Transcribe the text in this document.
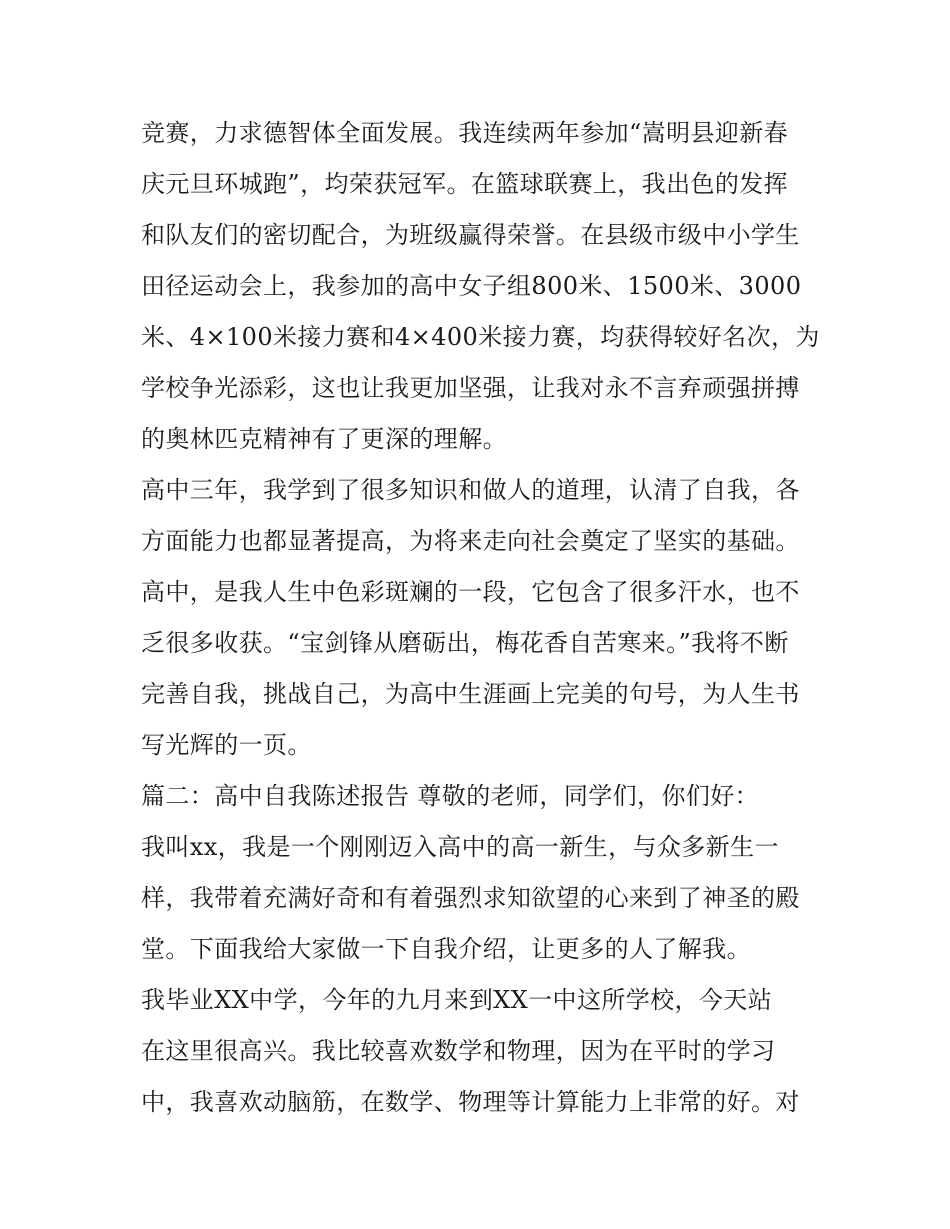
竞赛，力求德智体全面发展。我连续两年参加“嵩明县迎新春
庆元旦环城跑”，均荣获冠军。在篮球联赛上，我出色的发挥
和队友们的密切配合，为班级赢得荣誉。在县级市级中小学生
田径运动会上，我参加的高中女子组800米、1500米、3000
米、4×100米接力赛和4×400米接力赛，均获得较好名次，为
学校争光添彩，这也让我更加坚强，让我对永不言弃顽强拼搏
的奥林匹克精神有了更深的理解。
高中三年，我学到了很多知识和做人的道理，认清了自我，各
方面能力也都显著提高，为将来走向社会奠定了坚实的基础。
高中，是我人生中色彩斑斓的一段，它包含了很多汗水，也不
乏很多收获。“宝剑锋从磨砺出，梅花香自苦寒来。”我将不断
完善自我，挑战自己，为高中生涯画上完美的句号，为人生书
写光辉的一页。
篇二：高中自我陈述报告 尊敬的老师，同学们，你们好：
我叫xx，我是一个刚刚迈入高中的高一新生，与众多新生一
样，我带着充满好奇和有着强烈求知欲望的心来到了神圣的殿
堂。下面我给大家做一下自我介绍，让更多的人了解我。
我毕业XX中学，今年的九月来到XX一中这所学校，今天站
在这里很高兴。我比较喜欢数学和物理，因为在平时的学习
中，我喜欢动脑筋，在数学、物理等计算能力上非常的好。对
